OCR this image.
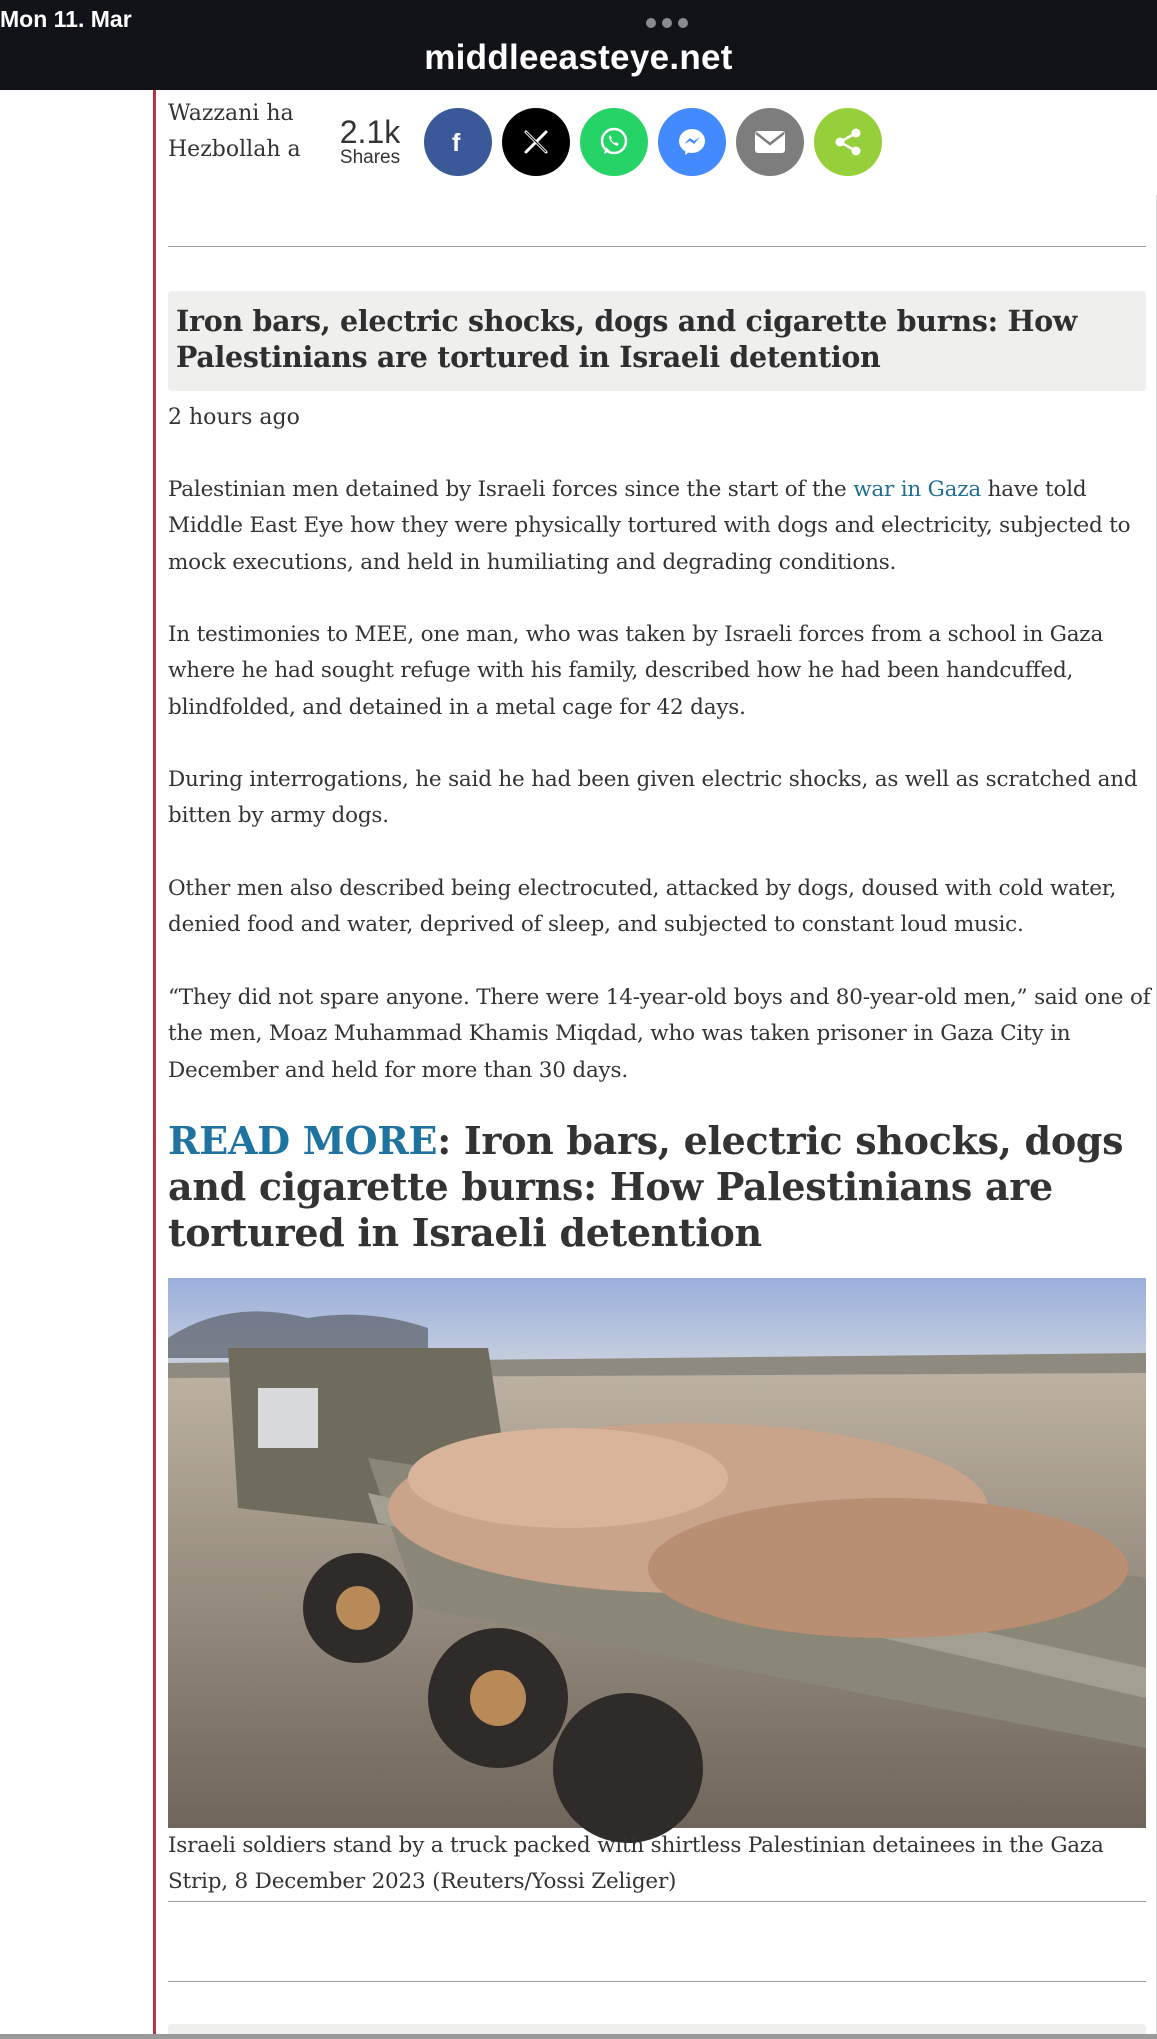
Mon 11. Mar
middleeasteye.net
Wazzani ha
Hezbollah a	2.1k
Shares
f
Iron bars, electric shocks, dogs and cigarette burns: How Palestinians are tortured in Israeli detention
2 hours ago

Palestinian men detained by Israeli forces since the start of the war in Gaza have told Middle East Eye how they were physically tortured with dogs and electricity, subjected to mock executions, and held in humiliating and degrading conditions.

In testimonies to MEE, one man, who was taken by Israeli forces from a school in Gaza where he had sought refuge with his family, described how he had been handcuffed, blindfolded, and detained in a metal cage for 42 days.

During interrogations, he said he had been given electric shocks, as well as scratched and bitten by army dogs.

Other men also described being electrocuted, attacked by dogs, doused with cold water, denied food and water, deprived of sleep, and subjected to constant loud music.

“They did not spare anyone. There were 14-year-old boys and 80-year-old men,” said one of the men, Moaz Muhammad Khamis Miqdad, who was taken prisoner in Gaza City in December and held for more than 30 days.

READ MORE: Iron bars, electric shocks, dogs and cigarette burns: How Palestinians are tortured in Israeli detention

Israeli soldiers stand by a truck packed with shirtless Palestinian detainees in the Gaza Strip, 8 December 2023 (Reuters/Yossi Zeliger)
